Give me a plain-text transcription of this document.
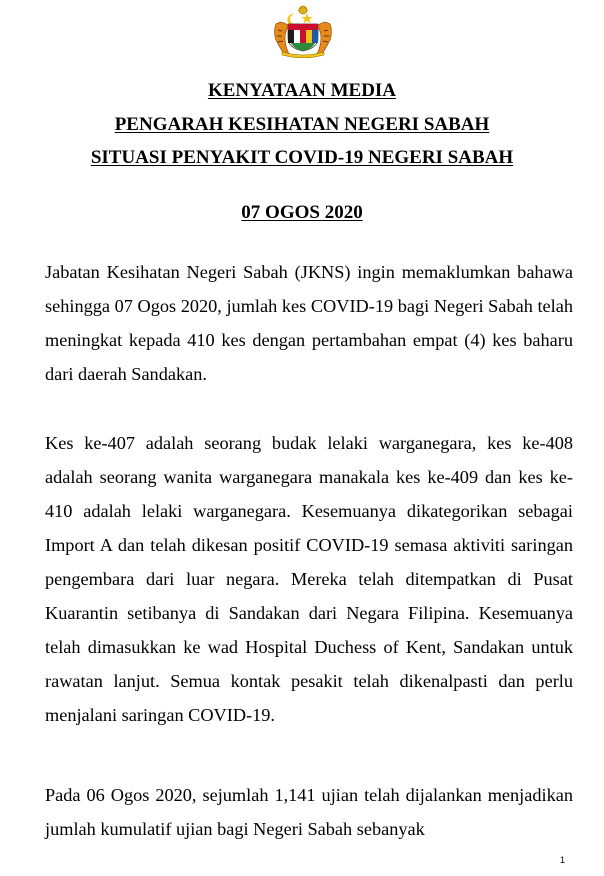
KENYATAAN MEDIA
PENGARAH KESIHATAN NEGERI SABAH
SITUASI PENYAKIT COVID-19 NEGERI SABAH
07 OGOS 2020

Jabatan Kesihatan Negeri Sabah (JKNS) ingin memaklumkan bahawa sehingga 07 Ogos 2020, jumlah kes COVID-19 bagi Negeri Sabah telah meningkat kepada 410 kes dengan pertambahan empat (4) kes baharu dari daerah Sandakan.

Kes ke-407 adalah seorang budak lelaki warganegara, kes ke-408 adalah seorang wanita warganegara manakala kes ke-409 dan kes ke-410 adalah lelaki warganegara. Kesemuanya dikategorikan sebagai Import A dan telah dikesan positif COVID-19 semasa aktiviti saringan pengembara dari luar negara. Mereka telah ditempatkan di Pusat Kuarantin setibanya di Sandakan dari Negara Filipina. Kesemuanya telah dimasukkan ke wad Hospital Duchess of Kent, Sandakan untuk rawatan lanjut. Semua kontak pesakit telah dikenalpasti dan perlu menjalani saringan COVID-19.

Pada 06 Ogos 2020, sejumlah 1,141 ujian telah dijalankan menjadikan jumlah kumulatif ujian bagi Negeri Sabah sebanyak

1
